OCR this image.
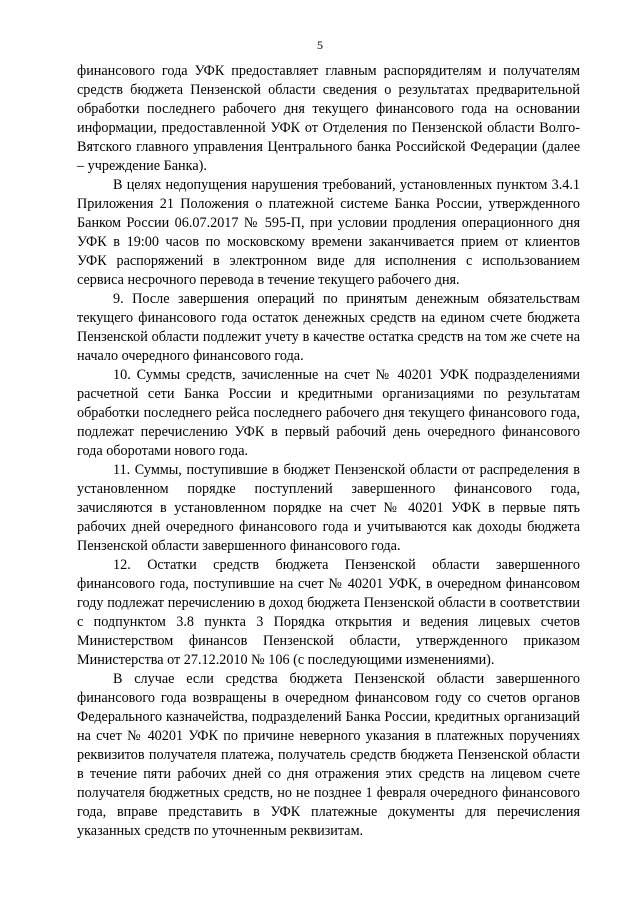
5

финансового года УФК предоставляет главным распорядителям и получателям средств бюджета Пензенской области сведения о результатах предварительной обработки последнего рабочего дня текущего финансового года на основании информации, предоставленной УФК от Отделения по Пензенской области Волго-Вятского главного управления Центрального банка Российской Федерации (далее – учреждение Банка).

В целях недопущения нарушения требований, установленных пунктом 3.4.1 Приложения 21 Положения о платежной системе Банка России, утвержденного Банком России 06.07.2017 № 595-П, при условии продления операционного дня УФК в 19:00 часов по московскому времени заканчивается прием от клиентов УФК распоряжений в электронном виде для исполнения с использованием сервиса несрочного перевода в течение текущего рабочего дня.

9. После завершения операций по принятым денежным обязательствам текущего финансового года остаток денежных средств на едином счете бюджета Пензенской области подлежит учету в качестве остатка средств на том же счете на начало очередного финансового года.

10. Суммы средств, зачисленные на счет № 40201 УФК подразделениями расчетной сети Банка России и кредитными организациями по результатам обработки последнего рейса последнего рабочего дня текущего финансового года, подлежат перечислению УФК в первый рабочий день очередного финансового года оборотами нового года.

11. Суммы, поступившие в бюджет Пензенской области от распределения в установленном порядке поступлений завершенного финансового года, зачисляются в установленном порядке на счет № 40201 УФК в первые пять рабочих дней очередного финансового года и учитываются как доходы бюджета Пензенской области завершенного финансового года.

12. Остатки средств бюджета Пензенской области завершенного финансового года, поступившие на счет № 40201 УФК, в очередном финансовом году подлежат перечислению в доход бюджета Пензенской области в соответствии с подпунктом 3.8 пункта 3 Порядка открытия и ведения лицевых счетов Министерством финансов Пензенской области, утвержденного приказом Министерства от 27.12.2010 № 106 (с последующими изменениями).

В случае если средства бюджета Пензенской области завершенного финансового года возвращены в очередном финансовом году со счетов органов Федерального казначейства, подразделений Банка России, кредитных организаций на счет № 40201 УФК по причине неверного указания в платежных поручениях реквизитов получателя платежа, получатель средств бюджета Пензенской области в течение пяти рабочих дней со дня отражения этих средств на лицевом счете получателя бюджетных средств, но не позднее 1 февраля очередного финансового года, вправе представить в УФК платежные документы для перечисления указанных средств по уточненным реквизитам.
